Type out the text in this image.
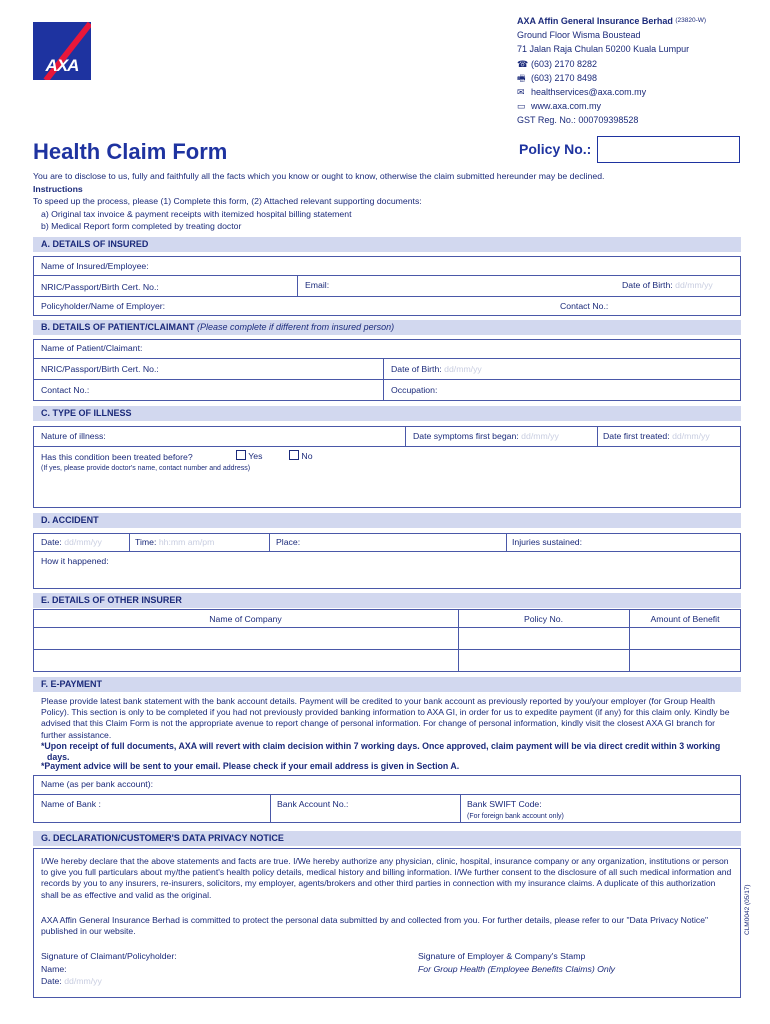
AXA
AXA Affin General Insurance Berhad
(23820-W)
Ground Floor Wisma Boustead
71 Jalan Raja Chulan 50200 Kuala Lumpur
☎ (603) 2170 8282
🖷 (603) 2170 8498
✉ healthservices@axa.com.my
▭ www.axa.com.my
GST Reg. No.: 000709398528
Health Claim Form	Policy No.:
You are to disclose to us, fully and faithfully all the facts which you know or ought to know, otherwise the claim submitted hereunder may be declined.
Instructions
To speed up the process, please (1) Complete this form, (2) Attached relevant supporting documents:
a) Original tax invoice & payment receipts with itemized hospital billing statement
b) Medical Report form completed by treating doctor
A. DETAILS OF INSURED
Name of Insured/Employee:
NRIC/Passport/Birth Cert. No.:	Email:	Date of Birth: dd/mm/yy
Policyholder/Name of Employer:	Contact No.:
B. DETAILS OF PATIENT/CLAIMANT (Please complete if different from insured person)
Name of Patient/Claimant:
NRIC/Passport/Birth Cert. No.:	Date of Birth: dd/mm/yy
Contact No.:	Occupation:
C. TYPE OF ILLNESS
Nature of illness:	Date symptoms first began: dd/mm/yy	Date first treated: dd/mm/yy
Has this condition been treated before?	Yes	No
(If yes, please provide doctor's name, contact number and address)
D. ACCIDENT
Date: dd/mm/yy	Time: hh:mm am/pm	Place:	Injuries sustained:
How it happened:
E. DETAILS OF OTHER INSURER
Name of Company	Policy No.	Amount of Benefit
F. E-PAYMENT
Please provide latest bank statement with the bank account details. Payment will be credited to your bank account as previously reported by you/your employer (for Group Health Policy). This section is only to be completed if you had not previously provided banking information to AXA GI, in order for us to expedite payment (if any) for this claim only. Kindly be advised that this Claim Form is not the appropriate avenue to report change of personal information. For change of personal information, kindly visit the closest AXA GI branch for further assistance.
*Upon receipt of full documents, AXA will revert with claim decision within 7 working days. Once approved, claim payment will be via direct credit within 3 working days.
*Payment advice will be sent to your email. Please check if your email address is given in Section A.
Name (as per bank account):
Name of Bank :	Bank Account No.:	Bank SWIFT Code:
(For foreign bank account only)
G. DECLARATION/CUSTOMER'S DATA PRIVACY NOTICE
I/We hereby declare that the above statements and facts are true. I/We hereby authorize any physician, clinic, hospital, insurance company or any organization, institutions or person to give you full particulars about my/the patient's health policy details, medical history and billing information. I/We further consent to the disclosure of all such medical information and records by you to any insurers, re-insurers, solicitors, my employer, agents/brokers and other third parties in connection with my insurance claims. A duplicate of this authorization shall be as effective and valid as the original.
AXA Affin General Insurance Berhad is committed to protect the personal data submitted by and collected from you. For further details, please refer to our "Data Privacy Notice" published in our website.
Signature of Claimant/Policyholder:
Name:
Date: dd/mm/yy
Signature of Employer & Company's Stamp
For Group Health (Employee Benefits Claims) Only
CLM0042 (05/17)
